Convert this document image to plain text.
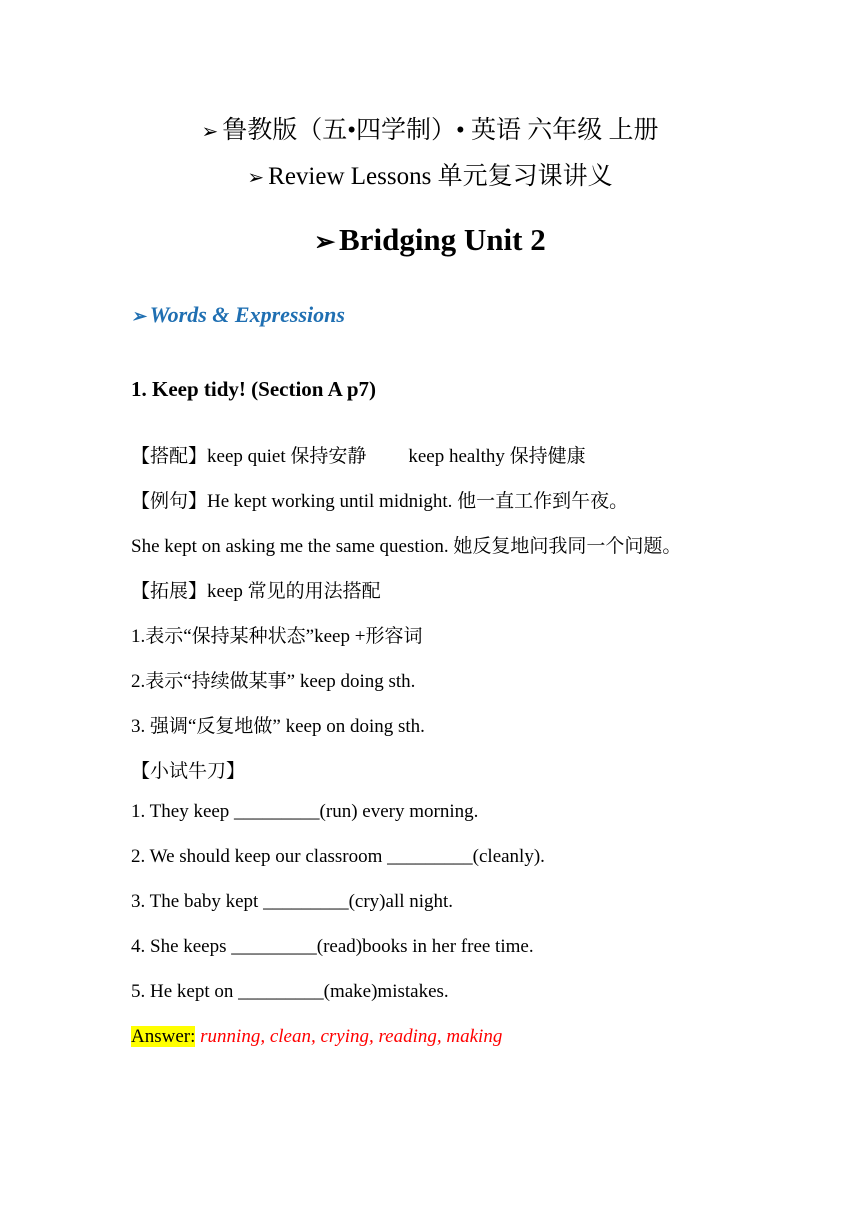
➢ 鲁教版（五•四学制）• 英语 六年级 上册
➢ Review Lessons 单元复习课讲义
➢ Bridging Unit 2
➢ Words & Expressions
1. Keep tidy! (Section A p7)
【搭配】keep quiet 保持安静 keep healthy 保持健康
【例句】He kept working until midnight. 他一直工作到午夜。
She kept on asking me the same question. 她反复地问我同一个问题。
【拓展】keep 常见的用法搭配
1.表示“保持某种状态”keep +形容词
2.表示“持续做某事” keep doing sth.
3. 强调“反复地做” keep on doing sth.
【小试牛刀】
1. They keep _________(run) every morning.
2. We should keep our classroom _________(cleanly).
3. The baby kept _________(cry)all night.
4. She keeps _________(read)books in her free time.
5. He kept on _________(make)mistakes.
Answer: running, clean, crying, reading, making
